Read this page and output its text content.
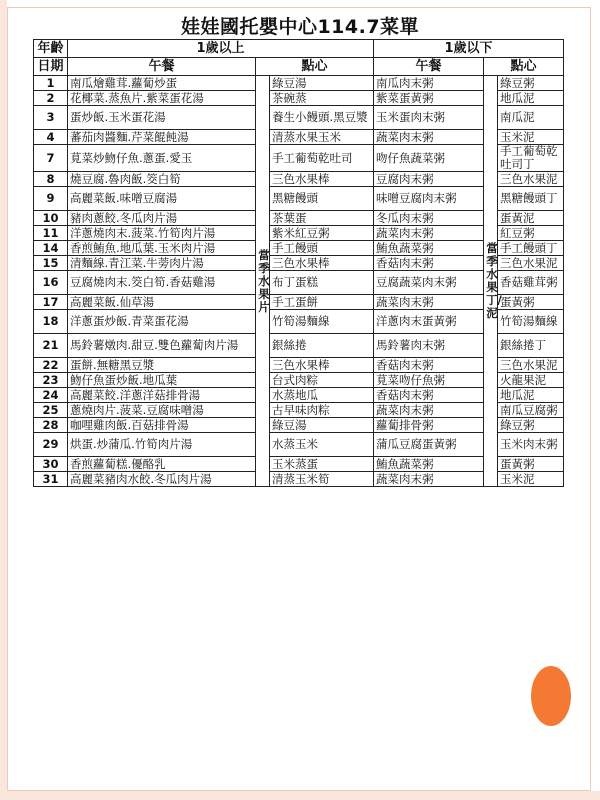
娃娃國托嬰中心114.7菜單
年齡	1歲以上			1歲以下		
日期	午餐	點心		午餐	點心	
1	南瓜燴雞茸.蘿蔔炒蛋	當季水果片	綠豆湯	南瓜肉末粥	當季水果丁/泥	綠豆粥
2	花椰菜.蒸魚片.紫菜蛋花湯		茶碗蒸	紫菜蛋黃粥		地瓜泥
3	蛋炒飯.玉米蛋花湯		養生小饅頭.黑豆漿	玉米蛋肉末粥		南瓜泥
4	蕃茄肉醬麵.芹菜餛飩湯		清蒸水果玉米	蔬菜肉末粥		玉米泥
7	莧菜炒魩仔魚.蔥蛋.愛玉		手工葡萄乾吐司	吻仔魚蔬菜粥		手工葡萄乾吐司丁
8	燒豆腐.魯肉飯.筊白筍		三色水果棒	豆腐肉末粥		三色水果泥
9	高麗菜飯.味噌豆腐湯		黑糖饅頭	味噌豆腐肉末粥		黑糖饅頭丁
10	豬肉蔥餃.冬瓜肉片湯		茶葉蛋	冬瓜肉末粥		蛋黃泥
11	洋蔥燒肉末.菠菜.竹筍肉片湯		紫米紅豆粥	蔬菜肉末粥		紅豆粥
14	香煎鮪魚.地瓜葉.玉米肉片湯		手工饅頭	鮪魚蔬菜粥		手工饅頭丁
15	清麵線.青江菜.牛蒡肉片湯		三色水果棒	香菇肉末粥		三色水果泥
16	豆腐燒肉末.筊白筍.香菇雞湯		布丁蛋糕	豆腐蔬菜肉末粥		香菇雞茸粥
17	高麗菜飯.仙草湯		手工蛋餅	蔬菜肉末粥		蛋黃粥
18	洋蔥蛋炒飯.青菜蛋花湯		竹筍湯麵線	洋蔥肉末蛋黃粥		竹筍湯麵線
21	馬鈴薯燉肉.甜豆.雙色蘿蔔肉片湯		銀絲捲	馬鈴薯肉末粥		銀絲捲丁
22	蛋餅.無糖黑豆漿		三色水果棒	香菇肉末粥		三色水果泥
23	魩仔魚蛋炒飯.地瓜葉		台式肉粽	莧菜吻仔魚粥		火龍果泥
24	高麗菜餃.洋蔥洋菇排骨湯		水蒸地瓜	香菇肉末粥		地瓜泥
25	蔥燒肉片.菠菜.豆腐味噌湯		古早味肉粽	蔬菜肉末粥		南瓜豆腐粥
28	咖哩雞肉飯.百菇排骨湯		綠豆湯	蘿蔔排骨粥		綠豆粥
29	烘蛋.炒蒲瓜.竹筍肉片湯		水蒸玉米	蒲瓜豆腐蛋黃粥		玉米肉末粥
30	香煎蘿蔔糕.優酪乳		玉米蒸蛋	鮪魚蔬菜粥		蛋黃粥
31	高麗菜豬肉水餃.冬瓜肉片湯		清蒸玉米筍	蔬菜肉末粥		玉米泥
